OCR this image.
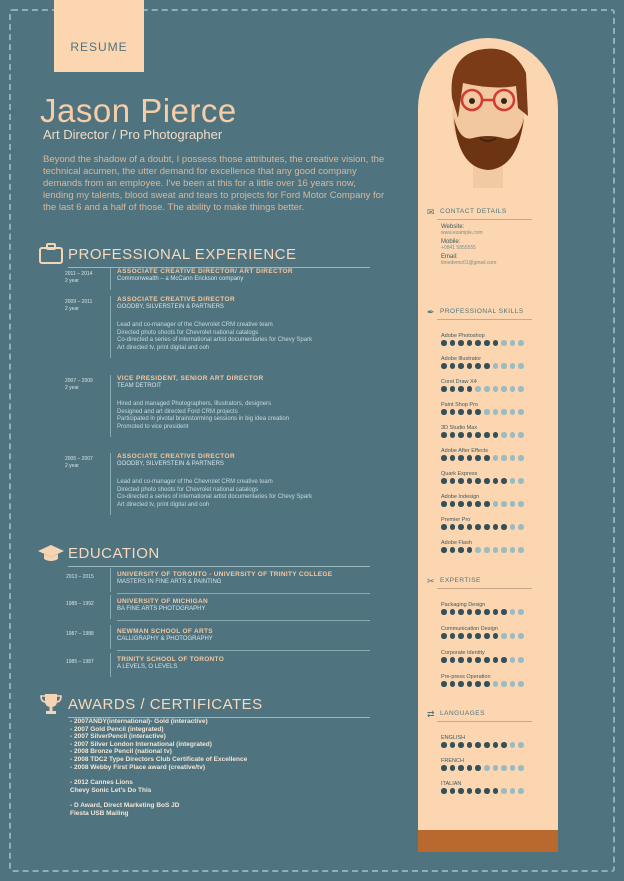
RESUME
Jason Pierce
Art Director / Pro Photographer
Beyond the shadow of a doubt, I possess those attributes, the creative vision, the technical acumen, the utter demand for excellence that any good company demands from an employee. I've been at this for a little over 16 years now, lending my talents, blood sweat and tears to projects for Ford Motor Company for the last 6 and a half of those. The ability to make things better.
PROFESSIONAL EXPERIENCE
2011 – 2014
2 year
ASSOCIATE CREATIVE DIRECTOR/ ART DIRECTOR
Commonwealth – a McCann Erickson company
2009 – 2011
2 year
ASSOCIATE CREATIVE DIRECTOR
GOODBY, SILVERSTEIN & PARTNERS
Lead and co-manager of the Chevrolet CRM creative team
Directed photo shoots for Chevrolet national catalogs
Co-directed a series of international artist documentaries for Chevy Spark
Art directed tv, print digital and ooh
2007 – 2009
2 year
VICE PRESIDENT, SENIOR ART DIRECTOR
TEAM DETROIT
Hired and managed Photographers, Illustrators, designers
Designed and art directed Ford CRM projects
Participated in pivotal brainstorming sessions in big idea creation
Promoted to vice president
2005 – 2007
2 year
ASSOCIATE CREATIVE DIRECTOR
GOODBY, SILVERSTEIN & PARTNERS
Lead and co-manager of the Chevrolet CRM creative team
Directed photo shoots for Chevrolet national catalogs
Co-directed a series of international artist documentaries for Chevy Spark
Art directed tv, print digital and ooh
EDUCATION
2013 – 2015	UNIVERSITY OF TORONTO - UNIVERSITY OF TRINITY COLLEGE
MASTERS IN FINE ARTS & PAINTING
1988 – 1992	UNIVERSITY OF MICHIGAN
BA FINE ARTS PHOTOGRAPHY
1987 – 1988	NEWMAN SCHOOL OF ARTS
CALLIGRAPHY & PHOTOGRAPHY
1985 – 1987	TRINITY SCHOOL OF TORONTO
A LEVELS, O LEVELS
AWARDS / CERTIFICATES
- 2007ANDY(international)- Gold (interactive)
- 2007 Gold Pencil (integrated)
- 2007 SilverPencil (interactive)
- 2007 Silver London International (integrated)
- 2008 Bronze Pencil (national tv)
- 2008 TDC2 Type Directors Club Certificate of Excellence
- 2008 Webby First Place award (creative/tv)
- 2012 Cannes Lions
Chevy Sonic Let's Do This
- D Award, Direct Marketing BoS JD
Fiesta USB Mailing
✉ CONTACT DETAILS
Website:
www.example.com
Mobile:
+0841 5855555
Email:
timedemo01@gmail.com
✒ PROFESSIONAL SKILLS
Adobe Photoshop
Adobe Illustrator
Corel Draw X4
Paint Shop Pro
3D Studio Max
Adobe After Effects
Quark Express
Adobe Indesign
Premier Pro
Adobe Flash
✂ EXPERTISE
Packaging Design
Communication Design
Corporate Identity
Pre-press Operation
⇄ LANGUAGES
ENGLISH
FRENCH
ITALIAN
